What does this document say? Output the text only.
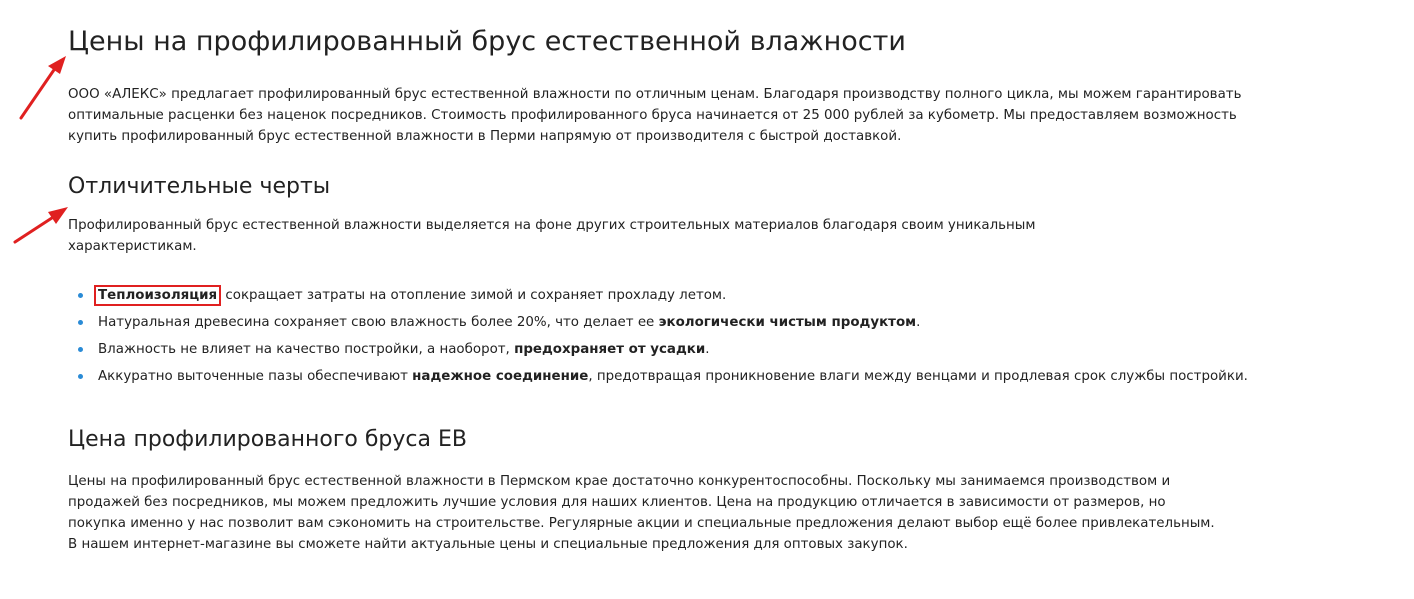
Цены на профилированный брус естественной влажности

ООО «АЛЕКС» предлагает профилированный брус естественной влажности по отличным ценам. Благодаря производству полного цикла, мы можем гарантировать оптимальные расценки без наценок посредников. Стоимость профилированного бруса начинается от 25 000 рублей за кубометр. Мы предоставляем возможность купить профилированный брус естественной влажности в Перми напрямую от производителя с быстрой доставкой.

Отличительные черты

Профилированный брус естественной влажности выделяется на фоне других строительных материалов благодаря своим уникальным характеристикам.

Теплоизоляция сокращает затраты на отопление зимой и сохраняет прохладу летом.
Натуральная древесина сохраняет свою влажность более 20%, что делает ее экологически чистым продуктом.
Влажность не влияет на качество постройки, а наоборот, предохраняет от усадки.
Аккуратно выточенные пазы обеспечивают надежное соединение, предотвращая проникновение влаги между венцами и продлевая срок службы постройки.
Цена профилированного бруса ЕВ

Цены на профилированный брус естественной влажности в Пермском крае достаточно конкурентоспособны. Поскольку мы занимаемся производством и продажей без посредников, мы можем предложить лучшие условия для наших клиентов. Цена на продукцию отличается в зависимости от размеров, но покупка именно у нас позволит вам сэкономить на строительстве. Регулярные акции и специальные предложения делают выбор ещё более привлекательным. В нашем интернет-магазине вы сможете найти актуальные цены и специальные предложения для оптовых закупок.
